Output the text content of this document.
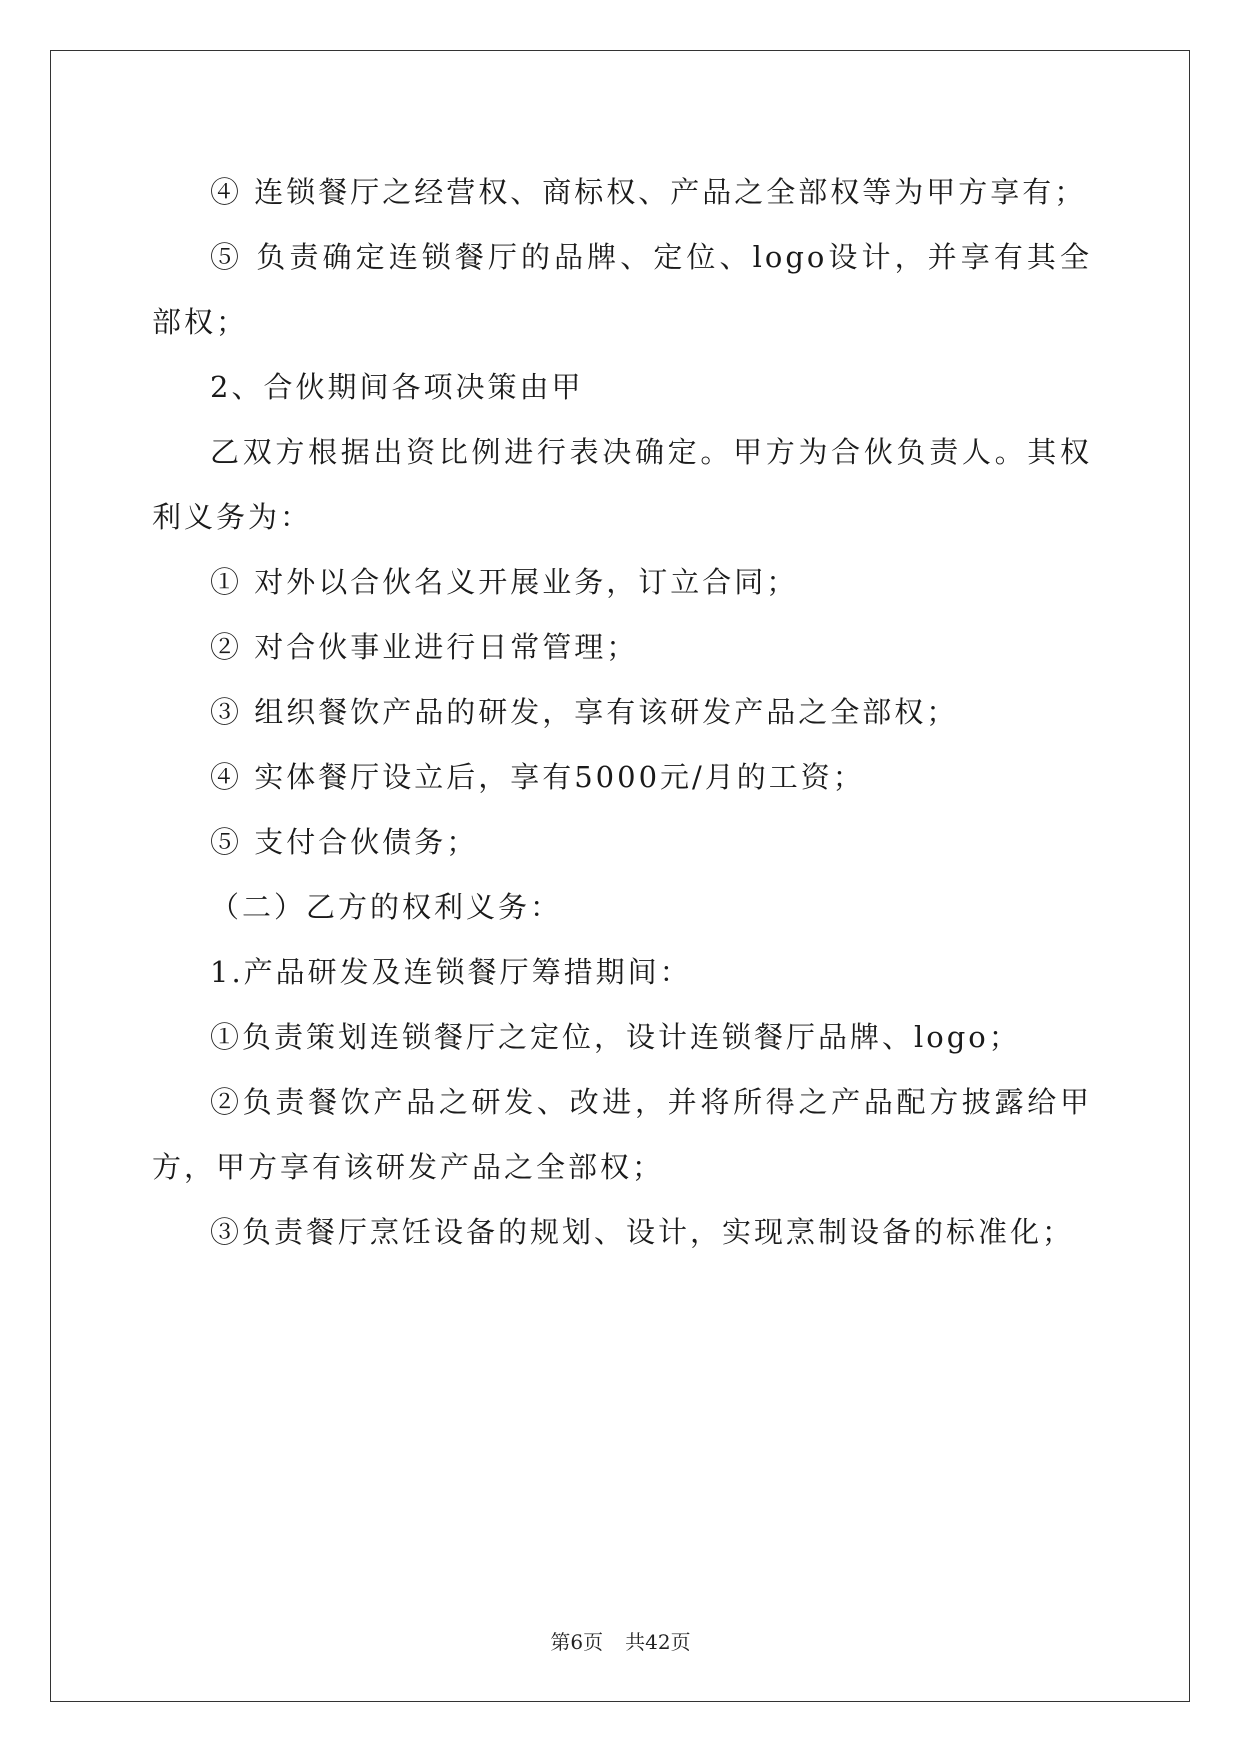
④ 连锁餐厅之经营权、商标权、产品之全部权等为甲方享有；

⑤ 负责确定连锁餐厅的品牌、定位、logo设计，并享有其全部权；

2、合伙期间各项决策由甲

乙双方根据出资比例进行表决确定。甲方为合伙负责人。其权利义务为：

① 对外以合伙名义开展业务，订立合同；

② 对合伙事业进行日常管理；

③ 组织餐饮产品的研发，享有该研发产品之全部权；

④ 实体餐厅设立后，享有5000元/月的工资；

⑤ 支付合伙债务；

（二）乙方的权利义务：

1.产品研发及连锁餐厅筹措期间：

①负责策划连锁餐厅之定位，设计连锁餐厅品牌、logo；

②负责餐饮产品之研发、改进，并将所得之产品配方披露给甲方，甲方享有该研发产品之全部权；

③负责餐厅烹饪设备的规划、设计，实现烹制设备的标准化；

第6页 共42页
